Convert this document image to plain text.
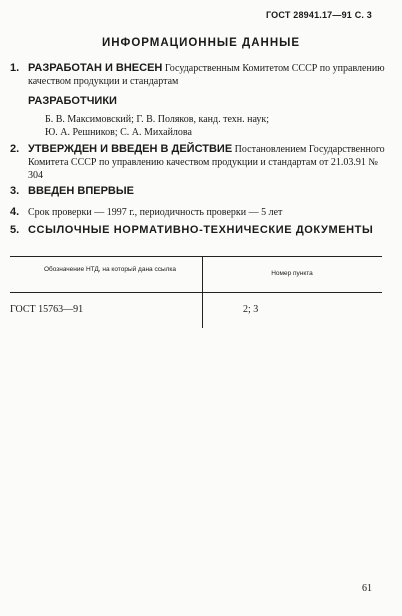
ГОСТ 28941.17—91 С. 3
ИНФОРМАЦИОННЫЕ ДАННЫЕ
1. РАЗРАБОТАН И ВНЕСЕН Государственным Комитетом СССР по управлению качеством продукции и стандартам
РАЗРАБОТЧИКИ
Б. В. Максимовский; Г. В. Поляков, канд. техн. наук;
Ю. А. Решников; С. А. Михайлова
2. УТВЕРЖДЕН И ВВЕДЕН В ДЕЙСТВИЕ Постановлением Государственного Комитета СССР по управлению качеством продукции и стандартам от 21.03.91 № 304
3. ВВЕДЕН ВПЕРВЫЕ
4. Срок проверки — 1997 г., периодичность проверки — 5 лет
5. ССЫЛОЧНЫЕ НОРМАТИВНО-ТЕХНИЧЕСКИЕ ДОКУМЕНТЫ
Обозначение НТД, на который дана ссылка
Номер пункта
ГОСТ 15763—91	2; 3
61
